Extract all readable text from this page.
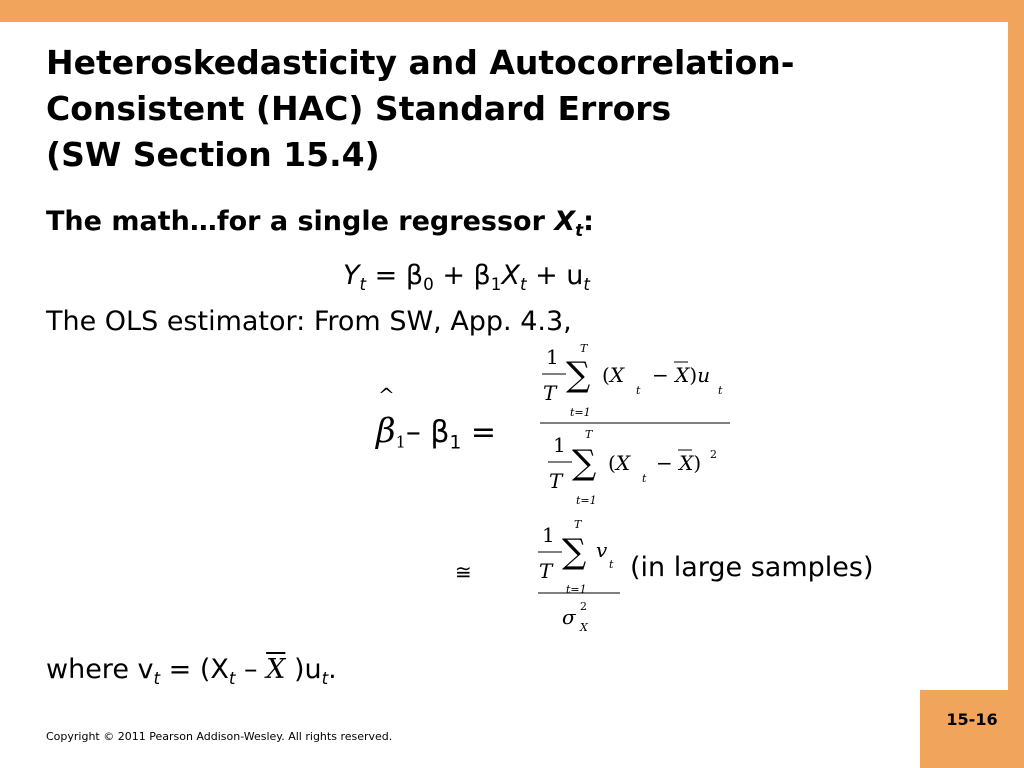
Heteroskedasticity and Autocorrelation-
Consistent (HAC) Standard Errors
(SW Section 15.4)
The math…for a single regressor $X_t$:
$Y_t = \beta_0 + \beta_1X_t + u_t$
The OLS estimator: From SW, App. 4.3,
$\beta_1-$ $\beta_1$ =
^
1
T
T
∑
t=1
(X
t
− X)u
t
1
T
T
∑
t=1
(X
t
− X) 2
1
T
T
∑
t=1
v
t
σ 2
X
≅	(in large samples)
where $v_t = (X_t - \overline{X}$ )$u_t$.
Copyright © 2011 Pearson Addison-Wesley. All rights reserved.
15-16
